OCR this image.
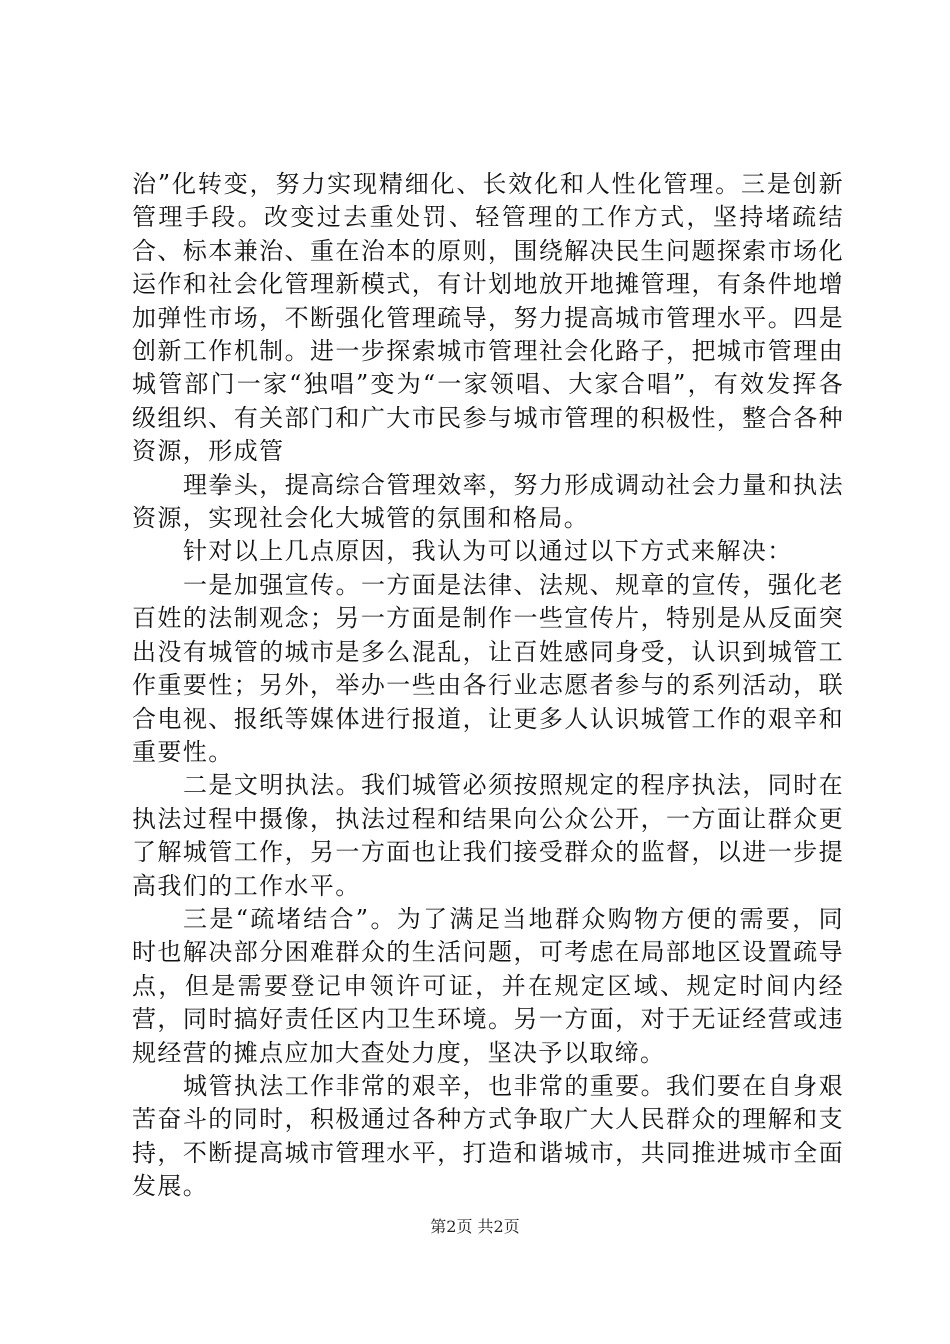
治”化转变，努力实现精细化、长效化和人性化管理。三是创新管理手段。改变过去重处罚、轻管理的工作方式，坚持堵疏结合、标本兼治、重在治本的原则，围绕解决民生问题探索市场化运作和社会化管理新模式，有计划地放开地摊管理，有条件地增加弹性市场，不断强化管理疏导，努力提高城市管理水平。四是创新工作机制。进一步探索城市管理社会化路子，把城市管理由城管部门一家“独唱”变为“一家领唱、大家合唱”，有效发挥各级组织、有关部门和广大市民参与城市管理的积极性，整合各种资源，形成管

理拳头，提高综合管理效率，努力形成调动社会力量和执法资源，实现社会化大城管的氛围和格局。

针对以上几点原因，我认为可以通过以下方式来解决：

一是加强宣传。一方面是法律、法规、规章的宣传，强化老百姓的法制观念；另一方面是制作一些宣传片，特别是从反面突出没有城管的城市是多么混乱，让百姓感同身受，认识到城管工作重要性；另外，举办一些由各行业志愿者参与的系列活动，联合电视、报纸等媒体进行报道，让更多人认识城管工作的艰辛和重要性。

二是文明执法。我们城管必须按照规定的程序执法，同时在执法过程中摄像，执法过程和结果向公众公开，一方面让群众更了解城管工作，另一方面也让我们接受群众的监督，以进一步提高我们的工作水平。

三是“疏堵结合”。为了满足当地群众购物方便的需要，同时也解决部分困难群众的生活问题，可考虑在局部地区设置疏导点，但是需要登记申领许可证，并在规定区域、规定时间内经营，同时搞好责任区内卫生环境。另一方面，对于无证经营或违规经营的摊点应加大查处力度，坚决予以取缔。

城管执法工作非常的艰辛，也非常的重要。我们要在自身艰苦奋斗的同时，积极通过各种方式争取广大人民群众的理解和支持，不断提高城市管理水平，打造和谐城市，共同推进城市全面发展。

第2页 共2页
